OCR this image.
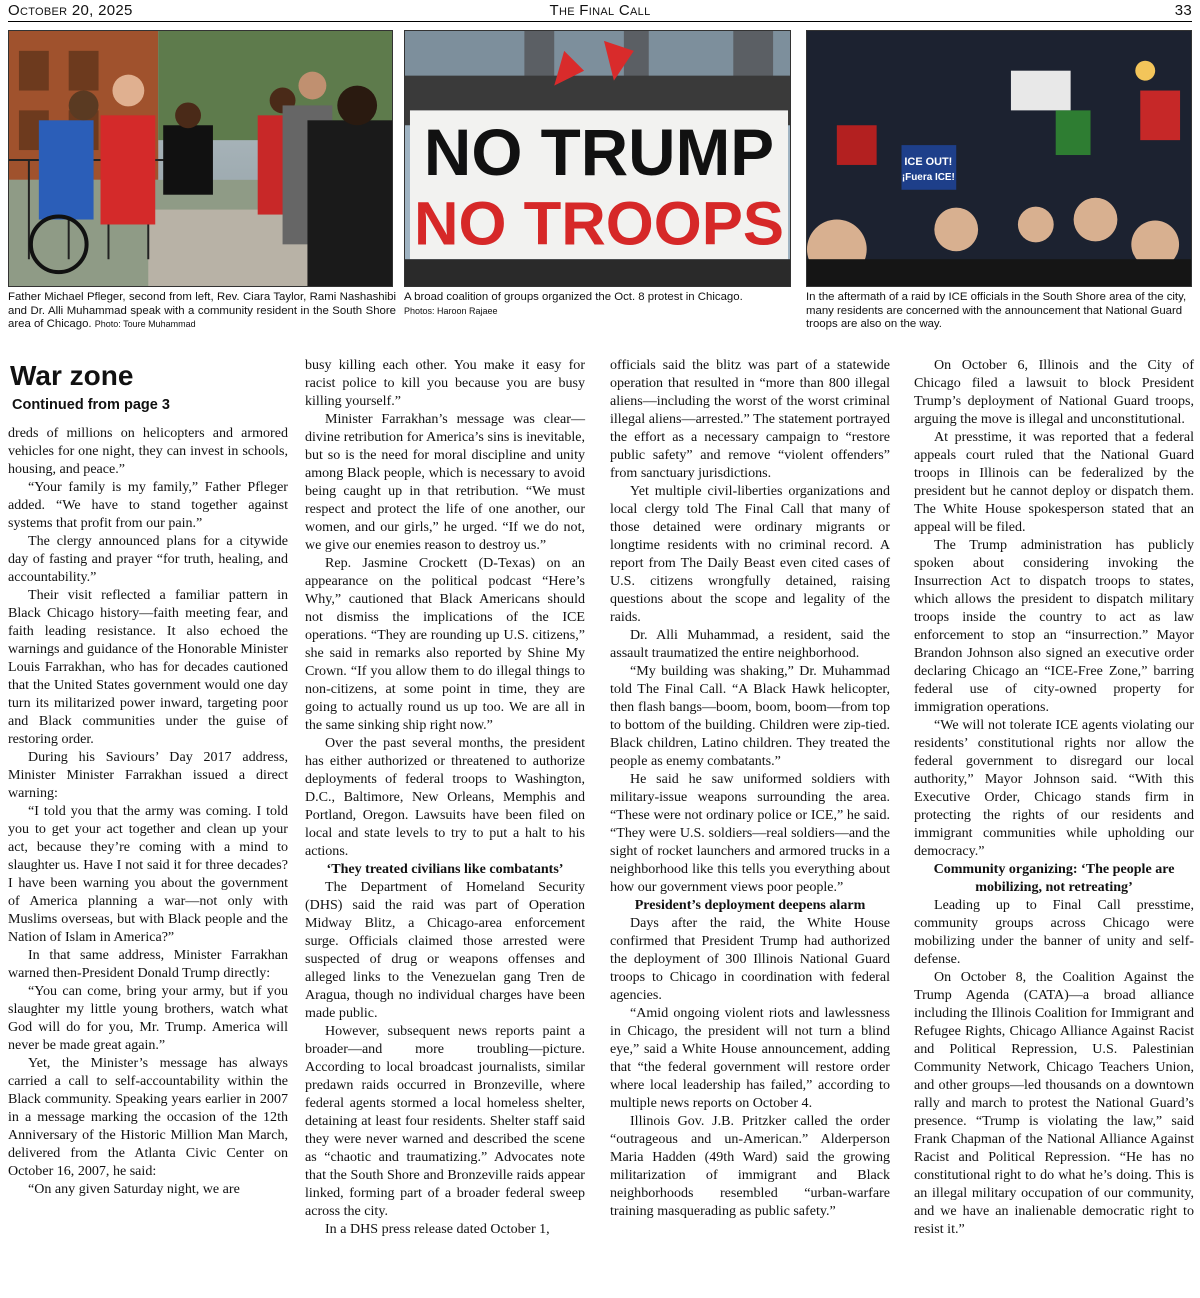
October 20, 2025	The Final Call	33
NO TRUMP
NO TROOPS
ICE OUT!
¡Fuera ICE!
Father Michael Pfleger, second from left, Rev. Ciara Taylor, Rami Nashashibi and Dr. Alli Muhammad speak with a community resident in the South Shore area of Chicago. Photo: Toure Muhammad
A broad coalition of groups organized the Oct. 8 protest in Chicago.
Photos: Haroon Rajaee
In the aftermath of a raid by ICE officials in the South Shore area of the city, many residents are concerned with the announcement that National Guard troops are also on the way.
War zone
Continued from page 3

dreds of millions on helicopters and armored vehicles for one night, they can invest in schools, housing, and peace.”

“Your family is my family,” Father Pfleger added. “We have to stand together against systems that profit from our pain.”

The clergy announced plans for a citywide day of fasting and prayer “for truth, healing, and accountability.”

Their visit reflected a familiar pattern in Black Chicago history—faith meeting fear, and faith leading resistance. It also echoed the warnings and guidance of the Honorable Minister Louis Farrakhan, who has for decades cautioned that the United States government would one day turn its militarized power inward, targeting poor and Black communities under the guise of restoring order.

During his Saviours’ Day 2017 address, Minister Minister Farrakhan issued a direct warning:

“I told you that the army was coming. I told you to get your act together and clean up your act, because they’re coming with a mind to slaughter us. Have I not said it for three decades? I have been warning you about the government of America planning a war—not only with Muslims overseas, but with Black people and the Nation of Islam in America?”

In that same address, Minister Farrakhan warned then-President Donald Trump directly:

“You can come, bring your army, but if you slaughter my little young brothers, watch what God will do for you, Mr. Trump. America will never be made great again.”

Yet, the Minister’s message has always carried a call to self-accountability within the Black community. Speaking years earlier in 2007 in a message marking the occasion of the 12th Anniversary of the Historic Million Man March, delivered from the Atlanta Civic Center on October 16, 2007, he said:

“On any given Saturday night, we are

busy killing each other. You make it easy for racist police to kill you because you are busy killing yourself.”

Minister Farrakhan’s message was clear—divine retribution for America’s sins is inevitable, but so is the need for moral discipline and unity among Black people, which is necessary to avoid being caught up in that retribution. “We must respect and protect the life of one another, our women, and our girls,” he urged. “If we do not, we give our enemies reason to destroy us.”

Rep. Jasmine Crockett (D-Texas) on an appearance on the political podcast “Here’s Why,” cautioned that Black Americans should not dismiss the implications of the ICE operations. “They are rounding up U.S. citizens,” she said in remarks also reported by Shine My Crown. “If you allow them to do illegal things to non-citizens, at some point in time, they are going to actually round us up too. We are all in the same sinking ship right now.”

Over the past several months, the president has either authorized or threatened to authorize deployments of federal troops to Washington, D.C., Baltimore, New Orleans, Memphis and Portland, Oregon. Lawsuits have been filed on local and state levels to try to put a halt to his actions.

‘They treated civilians like combatants’

The Department of Homeland Security (DHS) said the raid was part of Operation Midway Blitz, a Chicago-area enforcement surge. Officials claimed those arrested were suspected of drug or weapons offenses and alleged links to the Venezuelan gang Tren de Aragua, though no individual charges have been made public.

However, subsequent news reports paint a broader—and more troubling—picture. According to local broadcast journalists, similar predawn raids occurred in Bronzeville, where federal agents stormed a local homeless shelter, detaining at least four residents. Shelter staff said they were never warned and described the scene as “chaotic and traumatizing.” Advocates note that the South Shore and Bronzeville raids appear linked, forming part of a broader federal sweep across the city.

In a DHS press release dated October 1,

officials said the blitz was part of a statewide operation that resulted in “more than 800 illegal aliens—including the worst of the worst criminal illegal aliens—arrested.” The statement portrayed the effort as a necessary campaign to “restore public safety” and remove “violent offenders” from sanctuary jurisdictions.

Yet multiple civil-liberties organizations and local clergy told The Final Call that many of those detained were ordinary migrants or longtime residents with no criminal record. A report from The Daily Beast even cited cases of U.S. citizens wrongfully detained, raising questions about the scope and legality of the raids.

Dr. Alli Muhammad, a resident, said the assault traumatized the entire neighborhood.

“My building was shaking,” Dr. Muhammad told The Final Call. “A Black Hawk helicopter, then flash bangs—boom, boom, boom—from top to bottom of the building. Children were zip-tied. Black children, Latino children. They treated the people as enemy combatants.”

He said he saw uniformed soldiers with military-issue weapons surrounding the area. “These were not ordinary police or ICE,” he said. “They were U.S. soldiers—real soldiers—and the sight of rocket launchers and armored trucks in a neighborhood like this tells you everything about how our government views poor people.”

President’s deployment deepens alarm

Days after the raid, the White House confirmed that President Trump had authorized the deployment of 300 Illinois National Guard troops to Chicago in coordination with federal agencies.

“Amid ongoing violent riots and lawlessness in Chicago, the president will not turn a blind eye,” said a White House announcement, adding that “the federal government will restore order where local leadership has failed,” according to multiple news reports on October 4.

Illinois Gov. J.B. Pritzker called the order “outrageous and un-American.” Alderperson Maria Hadden (49th Ward) said the growing militarization of immigrant and Black neighborhoods resembled “urban-warfare training masquerading as public safety.”

On October 6, Illinois and the City of Chicago filed a lawsuit to block President Trump’s deployment of National Guard troops, arguing the move is illegal and unconstitutional.

At presstime, it was reported that a federal appeals court ruled that the National Guard troops in Illinois can be federalized by the president but he cannot deploy or dispatch them. The White House spokesperson stated that an appeal will be filed.

The Trump administration has publicly spoken about considering invoking the Insurrection Act to dispatch troops to states, which allows the president to dispatch military troops inside the country to act as law enforcement to stop an “insurrection.” Mayor Brandon Johnson also signed an executive order declaring Chicago an “ICE-Free Zone,” barring federal use of city-owned property for immigration operations.

“We will not tolerate ICE agents violating our residents’ constitutional rights nor allow the federal government to disregard our local authority,” Mayor Johnson said. “With this Executive Order, Chicago stands firm in protecting the rights of our residents and immigrant communities while upholding our democracy.”

Community organizing: ‘The people are mobilizing, not retreating’

Leading up to Final Call presstime, community groups across Chicago were mobilizing under the banner of unity and self-defense.

On October 8, the Coalition Against the Trump Agenda (CATA)—a broad alliance including the Illinois Coalition for Immigrant and Refugee Rights, Chicago Alliance Against Racist and Political Repression, U.S. Palestinian Community Network, Chicago Teachers Union, and other groups—led thousands on a downtown rally and march to protest the National Guard’s presence. “Trump is violating the law,” said Frank Chapman of the National Alliance Against Racist and Political Repression. “He has no constitutional right to do what he’s doing. This is an illegal military occupation of our community, and we have an inalienable democratic right to resist it.”
